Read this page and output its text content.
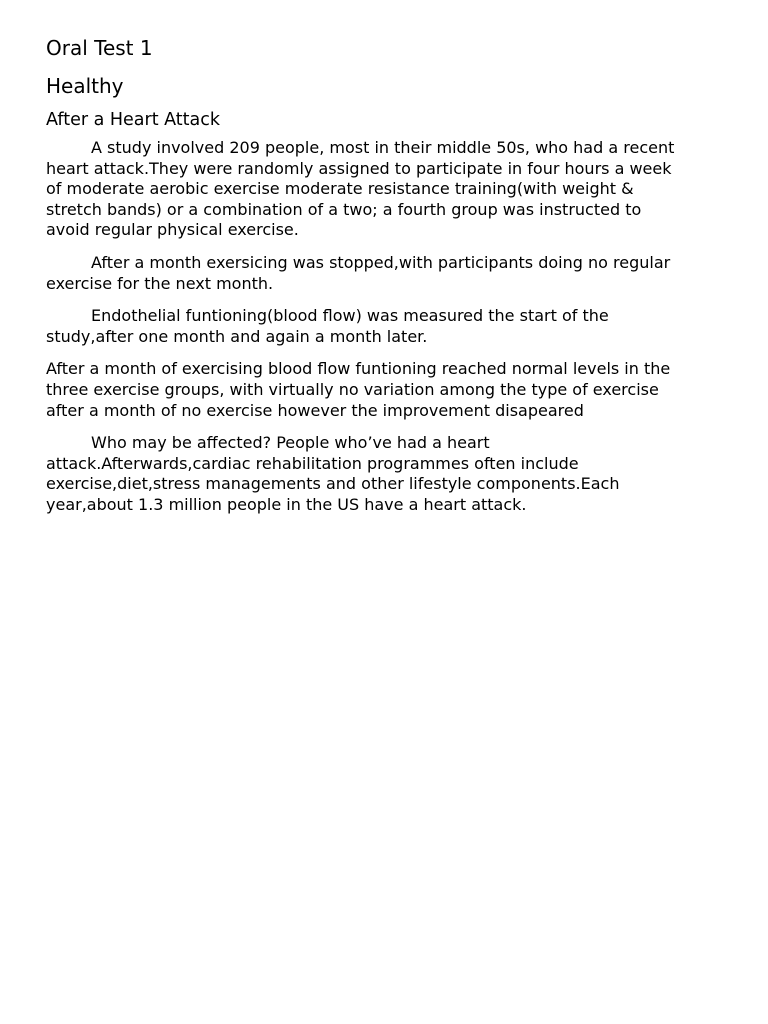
Oral Test 1
Healthy
After a Heart Attack

A study involved 209 people, most in their middle 50s, who had a recent heart attack.They were randomly assigned to participate in four hours a week of moderate aerobic exercise moderate resistance training(with weight & stretch bands) or a combination of a two; a fourth group was instructed to avoid regular physical exercise.

After a month exersicing was stopped,with participants doing no regular exercise for the next month.

Endothelial funtioning(blood flow) was measured the start of the study,after one month and again a month later.

After a month of exercising blood flow funtioning reached normal levels in the three exercise groups, with virtually no variation among the type of exercise after a month of no exercise however the improvement disapeared

Who may be affected? People who’ve had a heart attack.Afterwards,cardiac rehabilitation programmes often include exercise,diet,stress managements and other lifestyle components.Each year,about 1.3 million people in the US have a heart attack.
